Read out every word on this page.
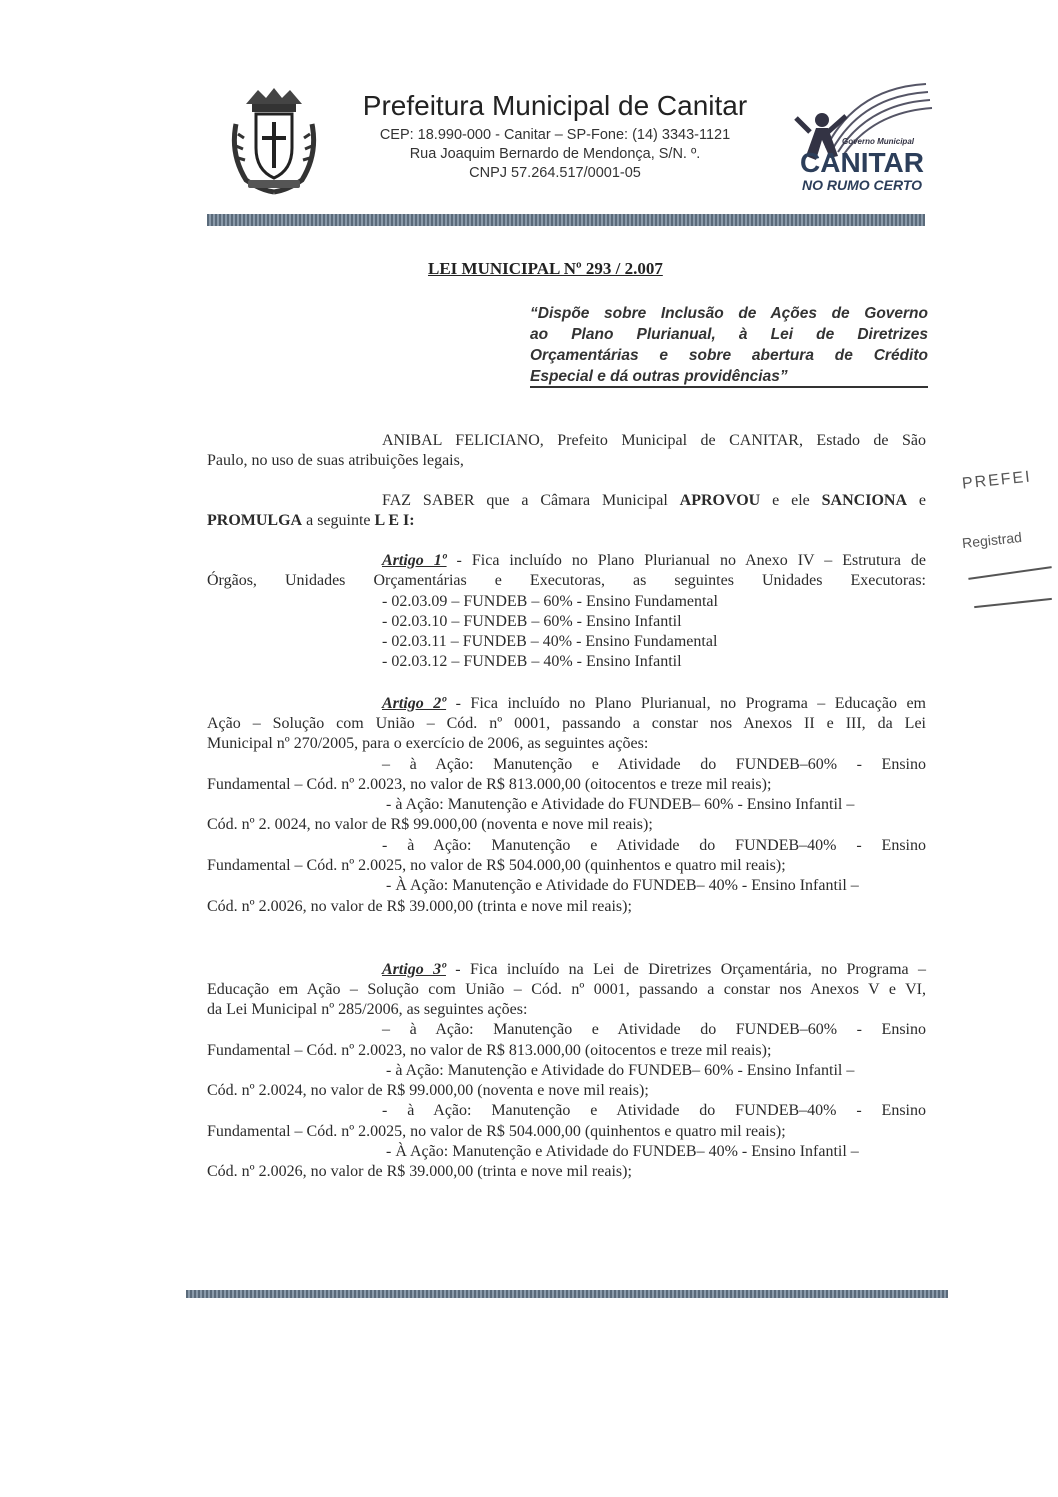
Prefeitura Municipal de Canitar
CEP: 18.990-000 - Canitar – SP-Fone: (14) 3343-1121
Rua Joaquim Bernardo de Mendonça, S/N. º.
CNPJ 57.264.517/0001-05
Governo Municipal
CANITAR
NO RUMO CERTO
LEI MUNICIPAL Nº 293 / 2.007
“Dispõe sobre Inclusão de Ações de Governo
ao Plano Plurianual, à Lei de Diretrizes
Orçamentárias e sobre abertura de Crédito
Especial e dá outras providências”
ANIBAL FELICIANO, Prefeito Municipal de CANITAR, Estado de São
Paulo, no uso de suas atribuições legais,
FAZ SABER que a Câmara Municipal APROVOU e ele SANCIONA e
PROMULGA a seguinte L E I:
Artigo 1º - Fica incluído no Plano Plurianual no Anexo IV – Estrutura de
Órgãos, Unidades Orçamentárias e Executoras, as seguintes Unidades Executoras:
- 02.03.09 – FUNDEB – 60% - Ensino Fundamental
- 02.03.10 – FUNDEB – 60% - Ensino Infantil
- 02.03.11 – FUNDEB – 40% - Ensino Fundamental
- 02.03.12 – FUNDEB – 40% - Ensino Infantil
Artigo 2º - Fica incluído no Plano Plurianual, no Programa – Educação em
Ação – Solução com União – Cód. nº 0001, passando a constar nos Anexos II e III, da Lei
Municipal nº 270/2005, para o exercício de 2006, as seguintes ações:
– à Ação: Manutenção e Atividade do FUNDEB–60% - Ensino
Fundamental – Cód. nº 2.0023, no valor de R$ 813.000,00 (oitocentos e treze mil reais);
- à Ação: Manutenção e Atividade do FUNDEB– 60% - Ensino Infantil –
Cód. nº 2. 0024, no valor de R$ 99.000,00 (noventa e nove mil reais);
- à Ação: Manutenção e Atividade do FUNDEB–40% - Ensino
Fundamental – Cód. nº 2.0025, no valor de R$ 504.000,00 (quinhentos e quatro mil reais);
- À Ação: Manutenção e Atividade do FUNDEB– 40% - Ensino Infantil –
Cód. nº 2.0026, no valor de R$ 39.000,00 (trinta e nove mil reais);
Artigo 3º - Fica incluído na Lei de Diretrizes Orçamentária, no Programa –
Educação em Ação – Solução com União – Cód. nº 0001, passando a constar nos Anexos V e VI,
da Lei Municipal nº 285/2006, as seguintes ações:
– à Ação: Manutenção e Atividade do FUNDEB–60% - Ensino
Fundamental – Cód. nº 2.0023, no valor de R$ 813.000,00 (oitocentos e treze mil reais);
- à Ação: Manutenção e Atividade do FUNDEB– 60% - Ensino Infantil –
Cód. nº 2.0024, no valor de R$ 99.000,00 (noventa e nove mil reais);
- à Ação: Manutenção e Atividade do FUNDEB–40% - Ensino
Fundamental – Cód. nº 2.0025, no valor de R$ 504.000,00 (quinhentos e quatro mil reais);
- À Ação: Manutenção e Atividade do FUNDEB– 40% - Ensino Infantil –
Cód. nº 2.0026, no valor de R$ 39.000,00 (trinta e nove mil reais);
PREFEI
Registrad
